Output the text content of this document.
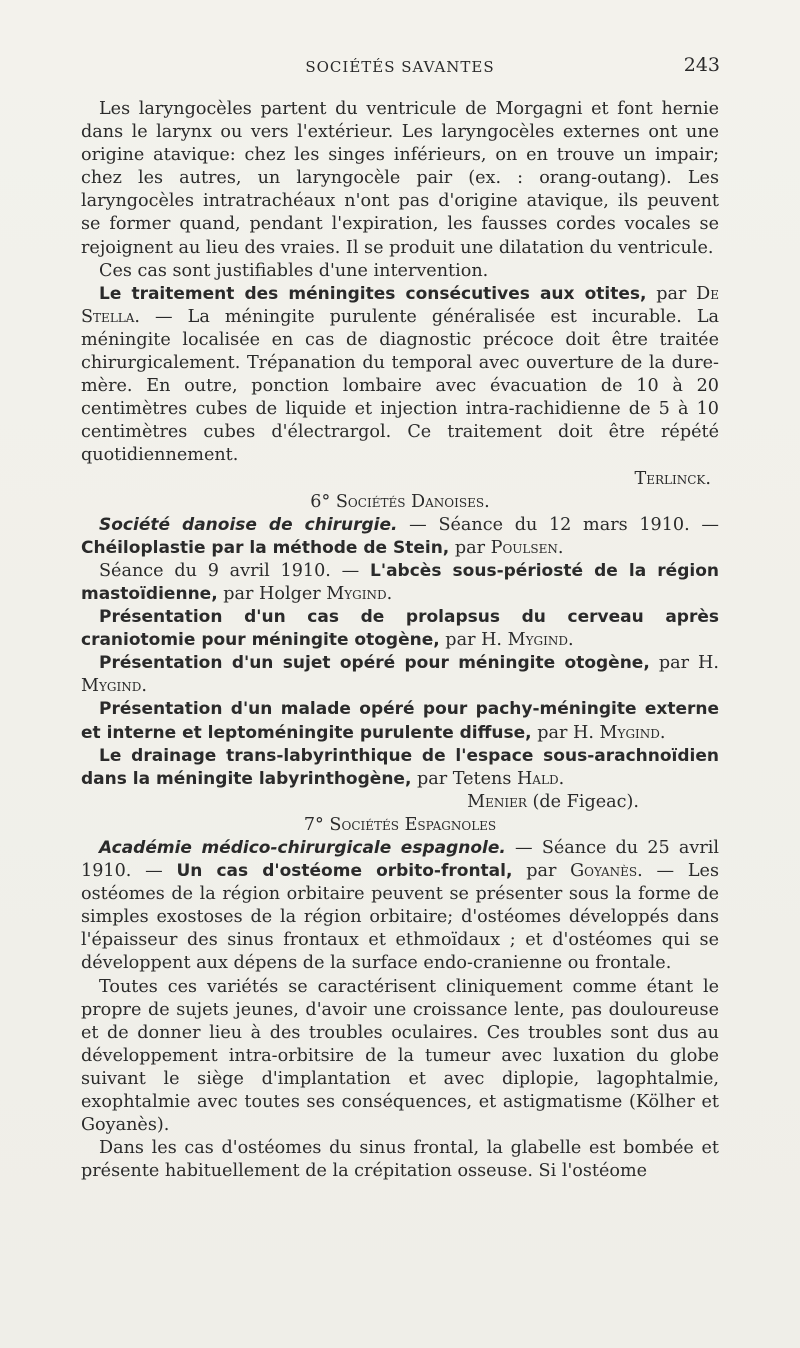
SOCIÉTÉS SAVANTES	243

Les laryngocèles partent du ventricule de Morgagni et font hernie dans le larynx ou vers l'extérieur. Les laryngocèles externes ont une origine atavique: chez les singes inférieurs, on en trouve un impair; chez les autres, un laryngocèle pair (ex. : orang-outang). Les laryngocèles intratrachéaux n'ont pas d'origine atavique, ils peuvent se former quand, pendant l'expiration, les fausses cordes vocales se rejoignent au lieu des vraies. Il se produit une dilatation du ventricule.

Ces cas sont justifiables d'une intervention.

Le traitement des méningites consécutives aux otites, par De Stella. — La méningite purulente généralisée est incurable. La méningite localisée en cas de diagnostic précoce doit être traitée chirurgicalement. Trépanation du temporal avec ouverture de la dure-mère. En outre, ponction lombaire avec évacuation de 10 à 20 centimètres cubes de liquide et injection intra-rachidienne de 5 à 10 centimètres cubes d'électrargol. Ce traitement doit être répété quotidiennement.

Terlinck.

6° Sociétés Danoises.

Société danoise de chirurgie. — Séance du 12 mars 1910. — Chéiloplastie par la méthode de Stein, par Poulsen.

Séance du 9 avril 1910. — L'abcès sous-périosté de la région mastoïdienne, par Holger Mygind.

Présentation d'un cas de prolapsus du cerveau après craniotomie pour méningite otogène, par H. Mygind.

Présentation d'un sujet opéré pour méningite otogène, par H. Mygind.

Présentation d'un malade opéré pour pachy-méningite externe et interne et leptoméningite purulente diffuse, par H. Mygind.

Le drainage trans-labyrinthique de l'espace sous-arachnoïdien dans la méningite labyrinthogène, par Tetens Hald.

Menier (de Figeac).

7° Sociétés Espagnoles

Académie médico-chirurgicale espagnole. — Séance du 25 avril 1910. — Un cas d'ostéome orbito-frontal, par Goyanès. — Les ostéomes de la région orbitaire peuvent se présenter sous la forme de simples exostoses de la région orbitaire; d'ostéomes développés dans l'épaisseur des sinus frontaux et ethmoïdaux ; et d'ostéomes qui se développent aux dépens de la surface endo-cranienne ou frontale.

Toutes ces variétés se caractérisent cliniquement comme étant le propre de sujets jeunes, d'avoir une croissance lente, pas douloureuse et de donner lieu à des troubles oculaires. Ces troubles sont dus au développement intra-orbitsire de la tumeur avec luxation du globe suivant le siège d'implantation et avec diplopie, lagophtalmie, exophtalmie avec toutes ses conséquences, et astigmatisme (Kölher et Goyanès).

Dans les cas d'ostéomes du sinus frontal, la glabelle est bombée et présente habituellement de la crépitation osseuse. Si l'ostéome
